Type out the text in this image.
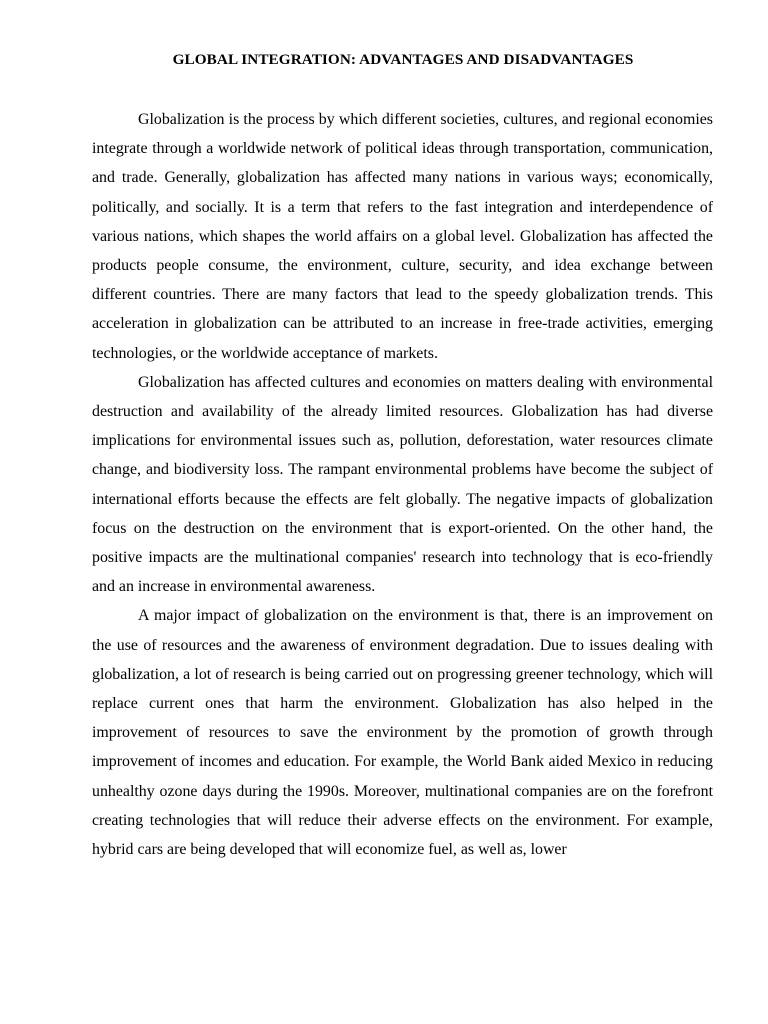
GLOBAL INTEGRATION: ADVANTAGES AND DISADVANTAGES

Globalization is the process by which different societies, cultures, and regional economies integrate through a worldwide network of political ideas through transportation, communication, and trade. Generally, globalization has affected many nations in various ways; economically, politically, and socially. It is a term that refers to the fast integration and interdependence of various nations, which shapes the world affairs on a global level. Globalization has affected the products people consume, the environment, culture, security, and idea exchange between different countries. There are many factors that lead to the speedy globalization trends. This acceleration in globalization can be attributed to an increase in free-trade activities, emerging technologies, or the worldwide acceptance of markets.

Globalization has affected cultures and economies on matters dealing with environmental destruction and availability of the already limited resources. Globalization has had diverse implications for environmental issues such as, pollution, deforestation, water resources climate change, and biodiversity loss. The rampant environmental problems have become the subject of international efforts because the effects are felt globally. The negative impacts of globalization focus on the destruction on the environment that is export-oriented. On the other hand, the positive impacts are the multinational companies' research into technology that is eco-friendly and an increase in environmental awareness.

A major impact of globalization on the environment is that, there is an improvement on the use of resources and the awareness of environment degradation. Due to issues dealing with globalization, a lot of research is being carried out on progressing greener technology, which will replace current ones that harm the environment. Globalization has also helped in the improvement of resources to save the environment by the promotion of growth through improvement of incomes and education. For example, the World Bank aided Mexico in reducing unhealthy ozone days during the 1990s. Moreover, multinational companies are on the forefront creating technologies that will reduce their adverse effects on the environment. For example, hybrid cars are being developed that will economize fuel, as well as, lower
